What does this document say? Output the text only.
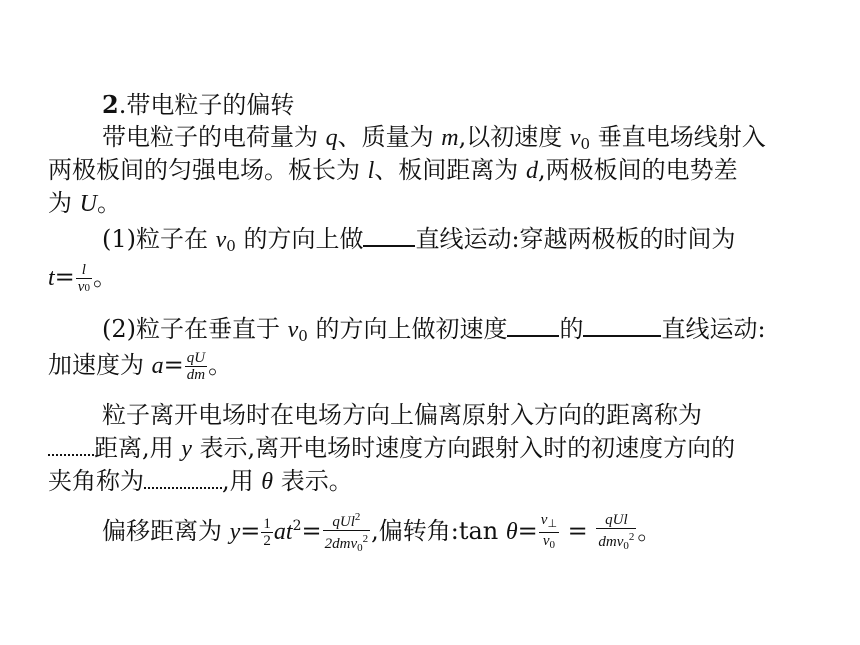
2.带电粒子的偏转
带电粒子的电荷量为 q、质量为 m,以初速度 $v_0$ 垂直电场线射入
两极板间的匀强电场。板长为 l、板间距离为 d,两极板间的电势差
为 U。
(1)粒子在 $v_0$ 的方向上做 直线运动:穿越两极板的时间为
$t= \frac{l}{v0}$ 。
(2)粒子在垂直于 $v_0$ 的方向上做初速度 的	直线运动:
加速度为 $a= \frac{qU}{dm}$ 。
粒子离开电场时在电场方向上偏离原射入方向的距离称为
距离,用 y 表示,离开电场时速度方向跟射入时的初速度方向的
夹角称为	,用 θ 表示。
偏移距离为 $y= \frac{1}{2} at^2= \frac{qUl^2}{2dmv_0^2}$ ,偏转角:tan $\theta= \frac{v_\perp}{v_0} = \frac{\text{qUl}}{dmv_0^2}$ 。
